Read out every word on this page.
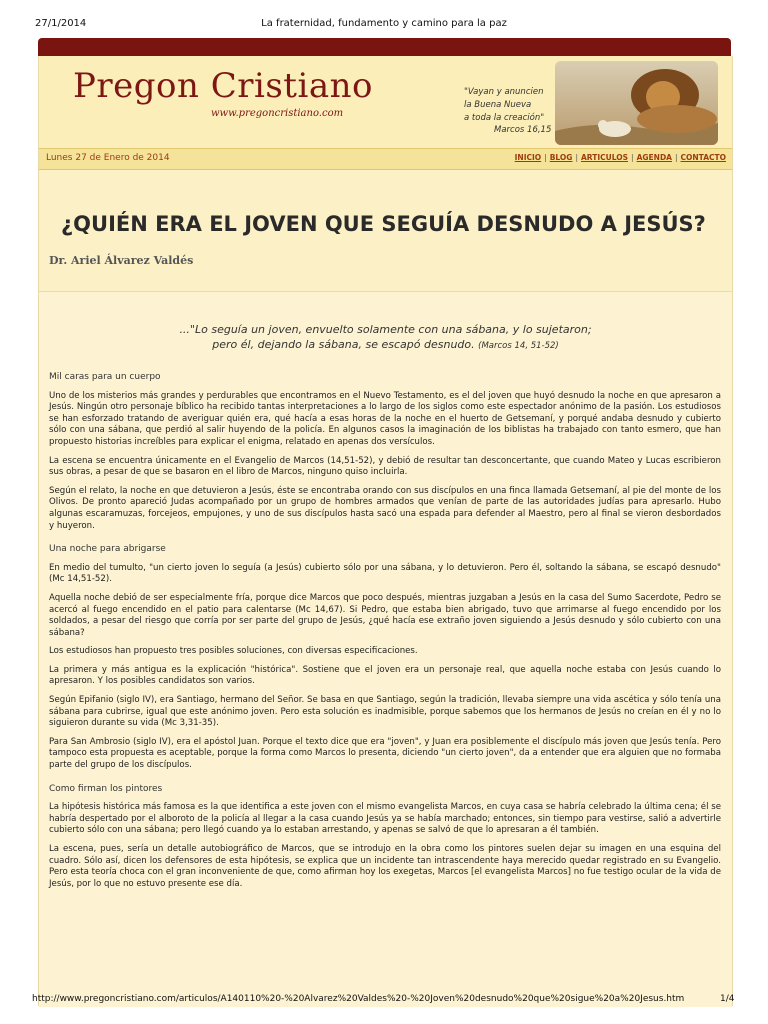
27/1/2014	La fraternidad, fundamento y camino para la paz
Pregon Cristiano
www.pregoncristiano.com
"Vayan y anuncien
la Buena Nueva
a toda la creación"
Marcos 16,15
Lunes 27 de Enero de 2014	INICIO | BLOG | ARTICULOS | AGENDA | CONTACTO
¿QUIÉN ERA EL JOVEN QUE SEGUÍA DESNUDO A JESÚS?
Dr. Ariel Álvarez Valdés
..."Lo seguía un joven, envuelto solamente con una sábana, y lo sujetaron;
pero él, dejando la sábana, se escapó desnudo. (Marcos 14, 51-52)
Mil caras para un cuerpo

Uno de los misterios más grandes y perdurables que encontramos en el Nuevo Testamento, es el del joven que huyó desnudo la noche en que apresaron a Jesús. Ningún otro personaje bíblico ha recibido tantas interpretaciones a lo largo de los siglos como este espectador anónimo de la pasión. Los estudiosos se han esforzado tratando de averiguar quién era, qué hacía a esas horas de la noche en el huerto de Getsemaní, y porqué andaba desnudo y cubierto sólo con una sábana, que perdió al salir huyendo de la policía. En algunos casos la imaginación de los biblistas ha trabajado con tanto esmero, que han propuesto historias increíbles para explicar el enigma, relatado en apenas dos versículos.

La escena se encuentra únicamente en el Evangelio de Marcos (14,51-52), y debió de resultar tan desconcertante, que cuando Mateo y Lucas escribieron sus obras, a pesar de que se basaron en el libro de Marcos, ninguno quiso incluirla.

Según el relato, la noche en que detuvieron a Jesús, éste se encontraba orando con sus discípulos en una finca llamada Getsemaní, al pie del monte de los Olivos. De pronto apareció Judas acompañado por un grupo de hombres armados que venían de parte de las autoridades judías para apresarlo. Hubo algunas escaramuzas, forcejeos, empujones, y uno de sus discípulos hasta sacó una espada para defender al Maestro, pero al final se vieron desbordados y huyeron.

Una noche para abrigarse

En medio del tumulto, "un cierto joven lo seguía (a Jesús) cubierto sólo por una sábana, y lo detuvieron. Pero él, soltando la sábana, se escapó desnudo" (Mc 14,51-52).

Aquella noche debió de ser especialmente fría, porque dice Marcos que poco después, mientras juzgaban a Jesús en la casa del Sumo Sacerdote, Pedro se acercó al fuego encendido en el patio para calentarse (Mc 14,67). Si Pedro, que estaba bien abrigado, tuvo que arrimarse al fuego encendido por los soldados, a pesar del riesgo que corría por ser parte del grupo de Jesús, ¿qué hacía ese extraño joven siguiendo a Jesús desnudo y sólo cubierto con una sábana?

Los estudiosos han propuesto tres posibles soluciones, con diversas especificaciones.

La primera y más antigua es la explicación "histórica". Sostiene que el joven era un personaje real, que aquella noche estaba con Jesús cuando lo apresaron. Y los posibles candidatos son varios.

Según Epifanio (siglo IV), era Santiago, hermano del Señor. Se basa en que Santiago, según la tradición, llevaba siempre una vida ascética y sólo tenía una sábana para cubrirse, igual que este anónimo joven. Pero esta solución es inadmisible, porque sabemos que los hermanos de Jesús no creían en él y no lo siguieron durante su vida (Mc 3,31-35).

Para San Ambrosio (siglo IV), era el apóstol Juan. Porque el texto dice que era "joven", y Juan era posiblemente el discípulo más joven que Jesús tenía. Pero tampoco esta propuesta es aceptable, porque la forma como Marcos lo presenta, diciendo "un cierto joven", da a entender que era alguien que no formaba parte del grupo de los discípulos.

Como firman los pintores

La hipótesis histórica más famosa es la que identifica a este joven con el mismo evangelista Marcos, en cuya casa se habría celebrado la última cena; él se habría despertado por el alboroto de la policía al llegar a la casa cuando Jesús ya se había marchado; entonces, sin tiempo para vestirse, salió a advertirle cubierto sólo con una sábana; pero llegó cuando ya lo estaban arrestando, y apenas se salvó de que lo apresaran a él también.

La escena, pues, sería un detalle autobiográfico de Marcos, que se introdujo en la obra como los pintores suelen dejar su imagen en una esquina del cuadro. Sólo así, dicen los defensores de esta hipótesis, se explica que un incidente tan intrascendente haya merecido quedar registrado en su Evangelio. Pero esta teoría choca con el gran inconveniente de que, como afirman hoy los exegetas, Marcos [el evangelista Marcos] no fue testigo ocular de la vida de Jesús, por lo que no estuvo presente ese día.

http://www.pregoncristiano.com/articulos/A140110%20-%20Alvarez%20Valdes%20-%20Joven%20desnudo%20que%20sigue%20a%20Jesus.htm	1/4
